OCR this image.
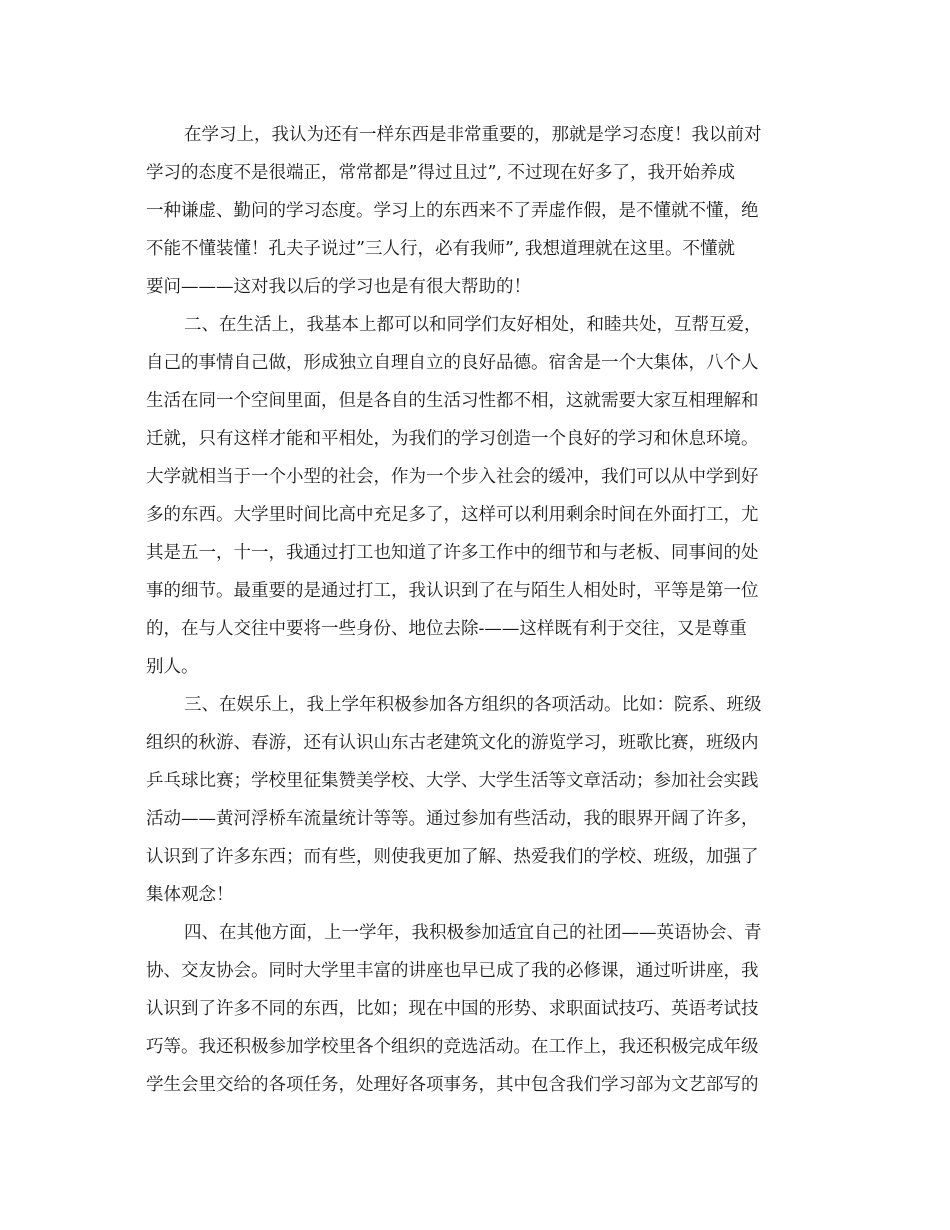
在学习上，我认为还有一样东西是非常重要的，那就是学习态度！我以前对
学习的态度不是很端正，常常都是”得过且过”, 不过现在好多了，我开始养成
一种谦虚、勤问的学习态度。学习上的东西来不了弄虚作假，是不懂就不懂，绝
不能不懂装懂！孔夫子说过”三人行，必有我师”, 我想道理就在这里。不懂就
要问———这对我以后的学习也是有很大帮助的！
二、在生活上，我基本上都可以和同学们友好相处，和睦共处，互帮互爱，
自己的事情自己做，形成独立自理自立的良好品德。宿舍是一个大集体，八个人
生活在同一个空间里面，但是各自的生活习性都不相，这就需要大家互相理解和
迁就，只有这样才能和平相处，为我们的学习创造一个良好的学习和休息环境。
大学就相当于一个小型的社会，作为一个步入社会的缓冲，我们可以从中学到好
多的东西。大学里时间比高中充足多了，这样可以利用剩余时间在外面打工，尤
其是五一，十一，我通过打工也知道了许多工作中的细节和与老板、同事间的处
事的细节。最重要的是通过打工，我认识到了在与陌生人相处时，平等是第一位
的，在与人交往中要将一些身份、地位去除-——这样既有利于交往，又是尊重
别人。
三、在娱乐上，我上学年积极参加各方组织的各项活动。比如：院系、班级
组织的秋游、春游，还有认识山东古老建筑文化的游览学习，班歌比赛，班级内
乒乓球比赛；学校里征集赞美学校、大学、大学生活等文章活动；参加社会实践
活动——黄河浮桥车流量统计等等。通过参加有些活动，我的眼界开阔了许多，
认识到了许多东西；而有些，则使我更加了解、热爱我们的学校、班级，加强了
集体观念！
四、在其他方面，上一学年，我积极参加适宜自己的社团——英语协会、青
协、交友协会。同时大学里丰富的讲座也早已成了我的必修课，通过听讲座，我
认识到了许多不同的东西，比如；现在中国的形势、求职面试技巧、英语考试技
巧等。我还积极参加学校里各个组织的竞选活动。在工作上，我还积极完成年级
学生会里交给的各项任务，处理好各项事务，其中包含我们学习部为文艺部写的
